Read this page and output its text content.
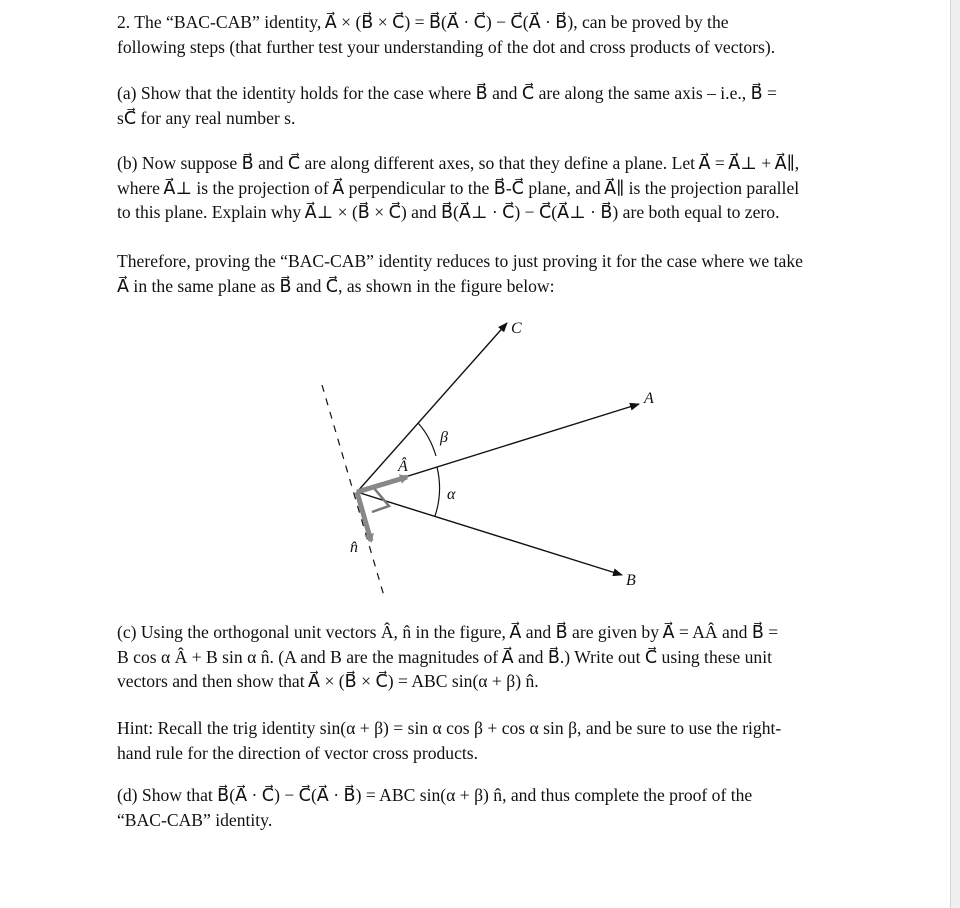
2. The “BAC-CAB” identity, A⃗ × (B⃗ × C⃗) = B⃗(A⃗ · C⃗) − C⃗(A⃗ · B⃗), can be proved by the
following steps (that further test your understanding of the dot and cross products of vectors).
(a) Show that the identity holds for the case where B⃗ and C⃗ are along the same axis – i.e., B⃗ =
sC⃗ for any real number s.
(b) Now suppose B⃗ and C⃗ are along different axes, so that they define a plane. Let A⃗ = A⃗⊥ + A⃗∥,
where A⃗⊥ is the projection of A⃗ perpendicular to the B⃗-C⃗ plane, and A⃗∥ is the projection parallel
to this plane. Explain why A⃗⊥ × (B⃗ × C⃗) and B⃗(A⃗⊥ · C⃗) − C⃗(A⃗⊥ · B⃗) are both equal to zero.
Therefore, proving the “BAC-CAB” identity reduces to just proving it for the case where we take
A⃗ in the same plane as B⃗ and C⃗, as shown in the figure below:
C⃗
A⃗
B⃗
Â
n̂
β
α
(c) Using the orthogonal unit vectors Â, n̂ in the figure, A⃗ and B⃗ are given by A⃗ = AÂ and B⃗ =
B cos α Â + B sin α n̂. (A and B are the magnitudes of A⃗ and B⃗.) Write out C⃗ using these unit
vectors and then show that A⃗ × (B⃗ × C⃗) = ABC sin(α + β) n̂.
Hint: Recall the trig identity sin(α + β) = sin α cos β + cos α sin β, and be sure to use the right-
hand rule for the direction of vector cross products.
(d) Show that B⃗(A⃗ · C⃗) − C⃗(A⃗ · B⃗) = ABC sin(α + β) n̂, and thus complete the proof of the
“BAC-CAB” identity.
